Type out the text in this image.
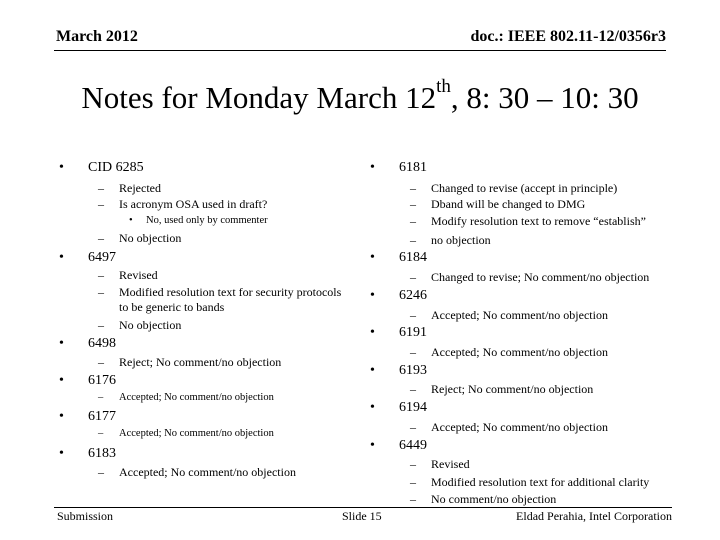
March 2012	doc.: IEEE 802.11-12/0356r3
Notes for Monday March 12th, 8: 30 – 10: 30
• CID 6285
– Rejected
– Is acronym OSA used in draft?
• No, used only by commenter
– No objection
• 6497
– Revised
– Modified resolution text for security protocols
to be generic to bands
– No objection
• 6498
– Reject; No comment/no objection
• 6176
– Accepted; No comment/no objection
• 6177
– Accepted; No comment/no objection
• 6183
– Accepted; No comment/no objection
• 6181
– Changed to revise (accept in principle)
– Dband will be changed to DMG
– Modify resolution text to remove “establish”
– no objection
• 6184
– Changed to revise; No comment/no objection
• 6246
– Accepted; No comment/no objection
• 6191
– Accepted; No comment/no objection
• 6193
– Reject; No comment/no objection
• 6194
– Accepted; No comment/no objection
• 6449
– Revised
– Modified resolution text for additional clarity
– No comment/no objection
Submission	Slide 15	Eldad Perahia, Intel Corporation
